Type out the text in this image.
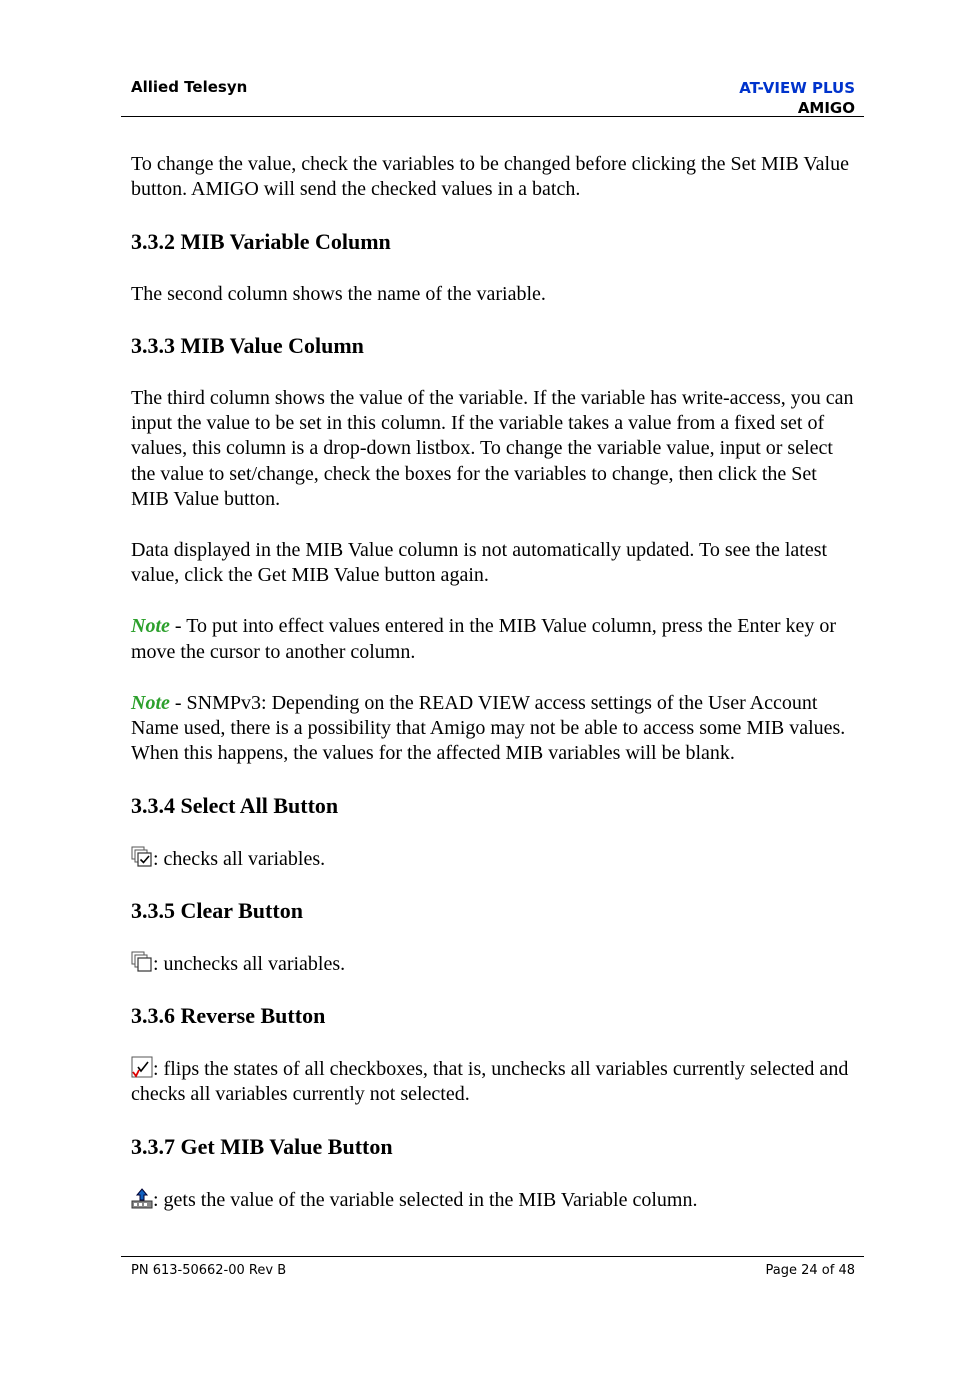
Allied Telesyn	AT-VIEW PLUS
AMIGO

To change the value, check the variables to be changed before clicking the Set MIB Value button. AMIGO will send the checked values in a batch.

3.3.2 MIB Variable Column

The second column shows the name of the variable.

3.3.3 MIB Value Column

The third column shows the value of the variable. If the variable has write-access, you can input the value to be set in this column. If the variable takes a value from a fixed set of values, this column is a drop-down listbox. To change the variable value, input or select the value to set/change, check the boxes for the variables to change, then click the Set MIB Value button.

Data displayed in the MIB Value column is not automatically updated. To see the latest value, click the Get MIB Value button again.

Note - To put into effect values entered in the MIB Value column, press the Enter key or move the cursor to another column.

Note - SNMPv3: Depending on the READ VIEW access settings of the User Account Name used, there is a possibility that Amigo may not be able to access some MIB values. When this happens, the values for the affected MIB variables will be blank.

3.3.4 Select All Button

: checks all variables.

3.3.5 Clear Button

: unchecks all variables.

3.3.6 Reverse Button

: flips the states of all checkboxes, that is, unchecks all variables currently selected and checks all variables currently not selected.

3.3.7 Get MIB Value Button

: gets the value of the variable selected in the MIB Variable column.

PN 613-50662-00 Rev B	Page 24 of 48
